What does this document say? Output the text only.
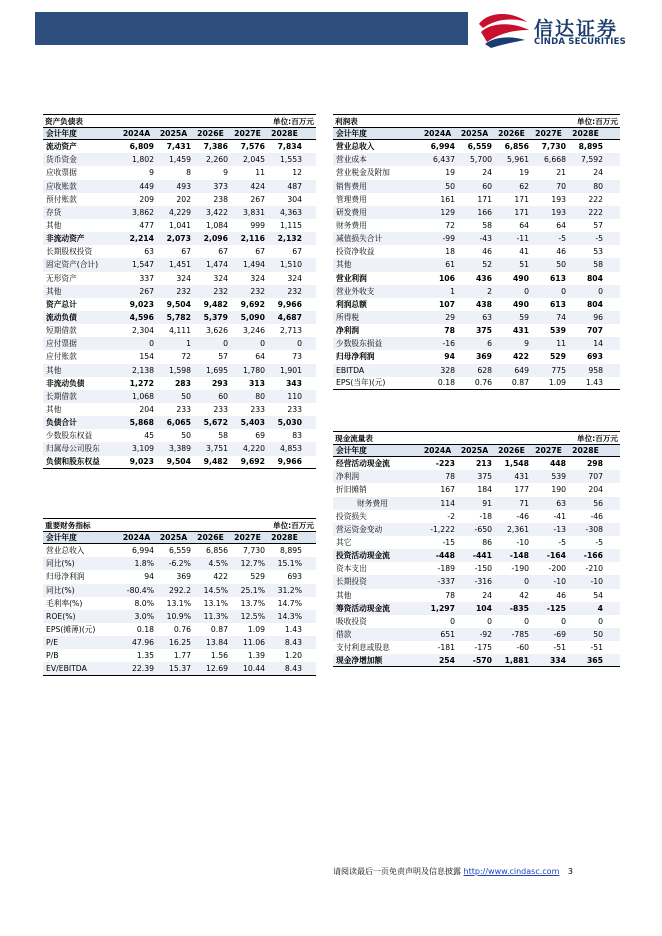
信达证券
CINDA SECURITIES
资产负债表	单位:百万元
会计年度	2024A	2025A	2026E	2027E	2028E
流动资产	6,809	7,431	7,386	7,576	7,834
货币资金	1,802	1,459	2,260	2,045	1,553
应收票据	9	8	9	11	12
应收账款	449	493	373	424	487
预付账款	209	202	238	267	304
存货	3,862	4,229	3,422	3,831	4,363
其他	477	1,041	1,084	999	1,115
非流动资产	2,214	2,073	2,096	2,116	2,132
长期股权投资	63	67	67	67	67
固定资产(合计)	1,547	1,451	1,474	1,494	1,510
无形资产	337	324	324	324	324
其他	267	232	232	232	232
资产总计	9,023	9,504	9,482	9,692	9,966
流动负债	4,596	5,782	5,379	5,090	4,687
短期借款	2,304	4,111	3,626	3,246	2,713
应付票据	0	1	0	0	0
应付账款	154	72	57	64	73
其他	2,138	1,598	1,695	1,780	1,901
非流动负债	1,272	283	293	313	343
长期借款	1,068	50	60	80	110
其他	204	233	233	233	233
负债合计	5,868	6,065	5,672	5,403	5,030
少数股东权益	45	50	58	69	83
归属母公司股东	3,109	3,389	3,751	4,220	4,853
负债和股东权益	9,023	9,504	9,482	9,692	9,966
利润表	单位:百万元
会计年度	2024A	2025A	2026E	2027E	2028E
营业总收入	6,994	6,559	6,856	7,730	8,895
营业成本	6,437	5,700	5,961	6,668	7,592
营业税金及附加	19	24	19	21	24
销售费用	50	60	62	70	80
管理费用	161	171	171	193	222
研发费用	129	166	171	193	222
财务费用	72	58	64	64	57
减值损失合计	-99	-43	-11	-5	-5
投资净收益	18	46	41	46	53
其他	61	52	51	50	58
营业利润	106	436	490	613	804
营业外收支	1	2	0	0	0
利润总额	107	438	490	613	804
所得税	29	63	59	74	96
净利润	78	375	431	539	707
少数股东损益	-16	6	9	11	14
归母净利润	94	369	422	529	693
EBITDA	328	628	649	775	958
EPS(当年)(元)	0.18	0.76	0.87	1.09	1.43
重要财务指标	单位:百万元
会计年度	2024A	2025A	2026E	2027E	2028E
营业总收入	6,994	6,559	6,856	7,730	8,895
同比(%)	1.8%	-6.2%	4.5%	12.7%	15.1%
归母净利润	94	369	422	529	693
同比(%)	-80.4%	292.2	14.5%	25.1%	31.2%
毛利率(%)	8.0%	13.1%	13.1%	13.7%	14.7%
ROE(%)	3.0%	10.9%	11.3%	12.5%	14.3%
EPS(摊薄)(元)	0.18	0.76	0.87	1.09	1.43
P/E	47.96	16.25	13.84	11.06	8.43
P/B	1.35	1.77	1.56	1.39	1.20
EV/EBITDA	22.39	15.37	12.69	10.44	8.43
现金流量表	单位:百万元
会计年度	2024A	2025A	2026E	2027E	2028E
经营活动现金流	-223	213	1,548	448	298
净利润	78	375	431	539	707
折旧摊销	167	184	177	190	204
财务费用	114	91	71	63	56
投资损失	-2	-18	-46	-41	-46
营运资金变动	-1,222	-650	2,361	-13	-308
其它	-15	86	-10	-5	-5
投资活动现金流	-448	-441	-148	-164	-166
资本支出	-189	-150	-190	-200	-210
长期投资	-337	-316	0	-10	-10
其他	78	24	42	46	54
筹资活动现金流	1,297	104	-835	-125	4
吸收投资	0	0	0	0	0
借款	651	-92	-785	-69	50
支付利息或股息	-181	-175	-60	-51	-51
现金净增加额	254	-570	1,881	334	365
请阅读最后一页免责声明及信息披露 http://www.cindasc.com 3
